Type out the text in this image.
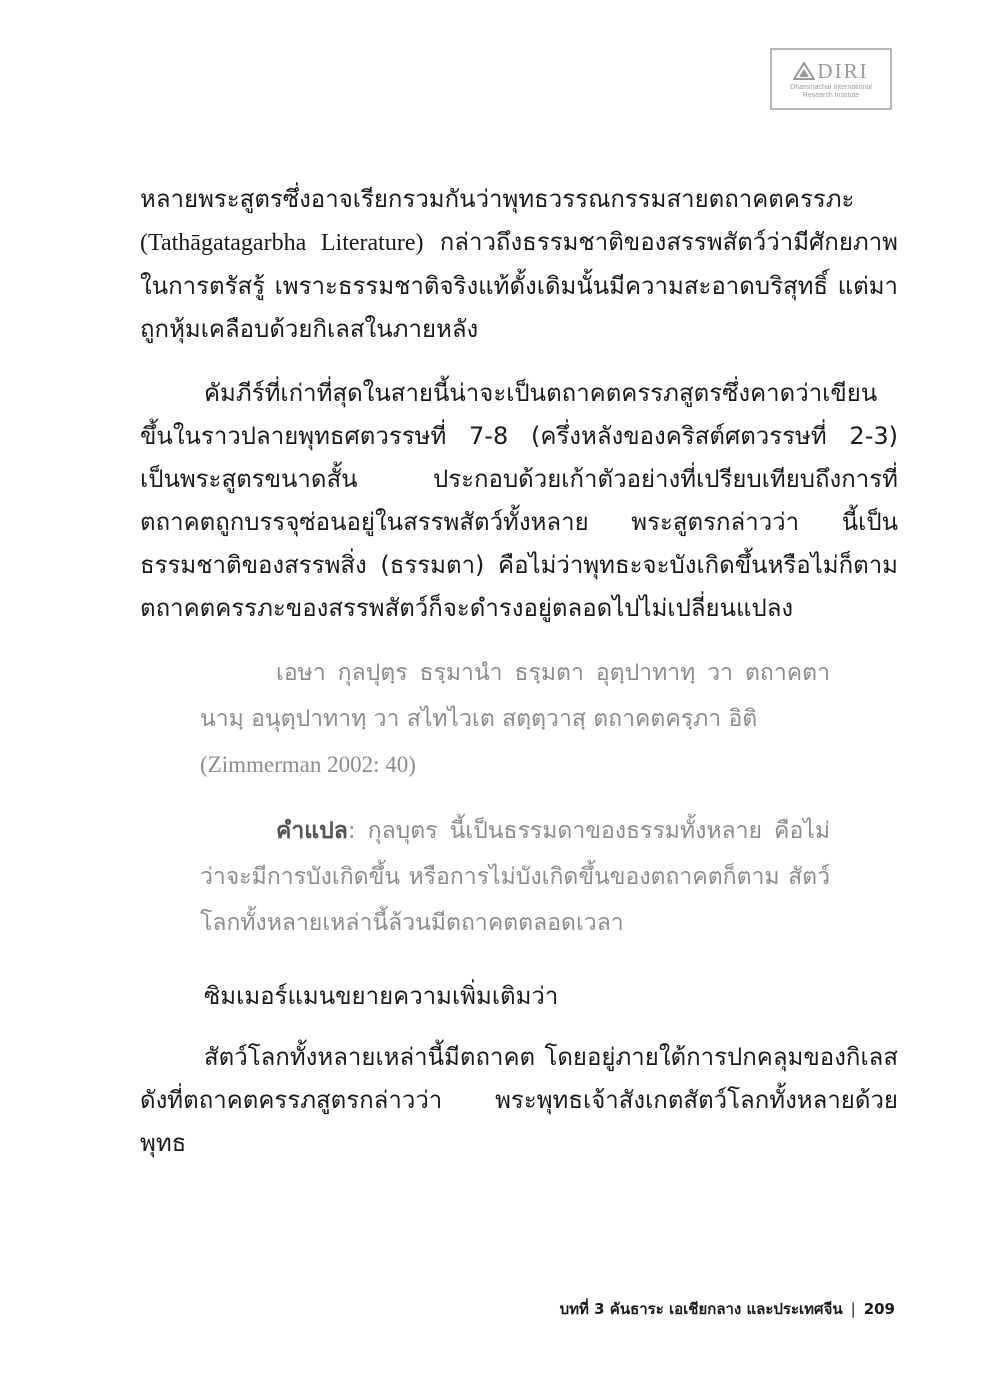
DIRI
Dhammachai International
Research Institute

หลายพระสูตรซึ่งอาจเรียกรวมกันว่าพุทธวรรณกรรมสายตถาคตครรภะ (Tathāgatagarbha Literature) กล่าวถึงธรรมชาติของสรรพสัตว์ว่ามีศักยภาพในการตรัสรู้ เพราะธรรมชาติจริงแท้ดั้งเดิมนั้นมีความสะอาดบริสุทธิ์ แต่มาถูกหุ้มเคลือบด้วยกิเลสในภายหลัง

คัมภีร์ที่เก่าที่สุดในสายนี้น่าจะเป็นตถาคตครรภสูตรซึ่งคาดว่าเขียนขึ้นในราวปลายพุทธศตวรรษที่ 7-8 (ครึ่งหลังของคริสต์ศตวรรษที่ 2-3) เป็นพระสูตรขนาดสั้น ประกอบด้วยเก้าตัวอย่างที่เปรียบเทียบถึงการที่ตถาคตถูกบรรจุซ่อนอยู่ในสรรพสัตว์ทั้งหลาย พระสูตรกล่าวว่า นี้เป็นธรรมชาติของสรรพสิ่ง (ธรรมตา) คือไม่ว่าพุทธะจะบังเกิดขึ้นหรือไม่ก็ตาม ตถาคตครรภะของสรรพสัตว์ก็จะดำรงอยู่ตลอดไปไม่เปลี่ยนแปลง

เอษา กุลปุตฺร ธรฺมานำ ธรฺมตา อุตฺปาทาทฺ วา ตถาคตานามฺ อนุตฺปาทาทฺ วา สไทไวเต สตฺตฺวาสฺ ตถาคตครฺภา อิติ
(Zimmerman 2002: 40)

คำแปล: กุลบุตร นี้เป็นธรรมดาของธรรมทั้งหลาย คือไม่ว่าจะมีการบังเกิดขึ้น หรือการไม่บังเกิดขึ้นของตถาคตก็ตาม สัตว์โลกทั้งหลายเหล่านี้ล้วนมีตถาคตตลอดเวลา

ซิมเมอร์แมนขยายความเพิ่มเติมว่า

สัตว์โลกทั้งหลายเหล่านี้มีตถาคต โดยอยู่ภายใต้การปกคลุมของกิเลสดังที่ตถาคตครรภสูตรกล่าวว่า พระพุทธเจ้าสังเกตสัตว์โลกทั้งหลายด้วยพุทธ

บทที่ 3 คันธาระ เอเชียกลาง และประเทศจีน | 209
